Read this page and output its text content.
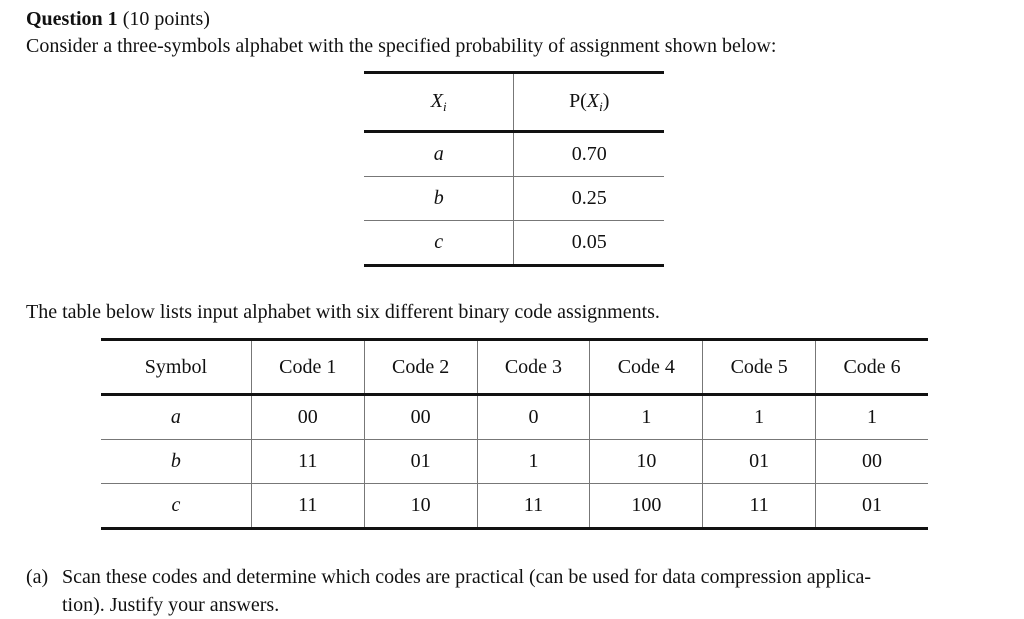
Question 1 (10 points)
Consider a three-symbols alphabet with the specified probability of assignment shown below:
$X_i$	$P(X_i)$
a	0.70
b	0.25
c	0.05
The table below lists input alphabet with six different binary code assignments.
Symbol	Code 1	Code 2	Code 3	Code 4	Code 5	Code 6
a	00	00	0	1	1	1
b	11	01	1	10	01	00
c	11	10	11	100	11	01
(a) Scan these codes and determine which codes are practical (can be used for data compression applica-
tion). Justify your answers.
